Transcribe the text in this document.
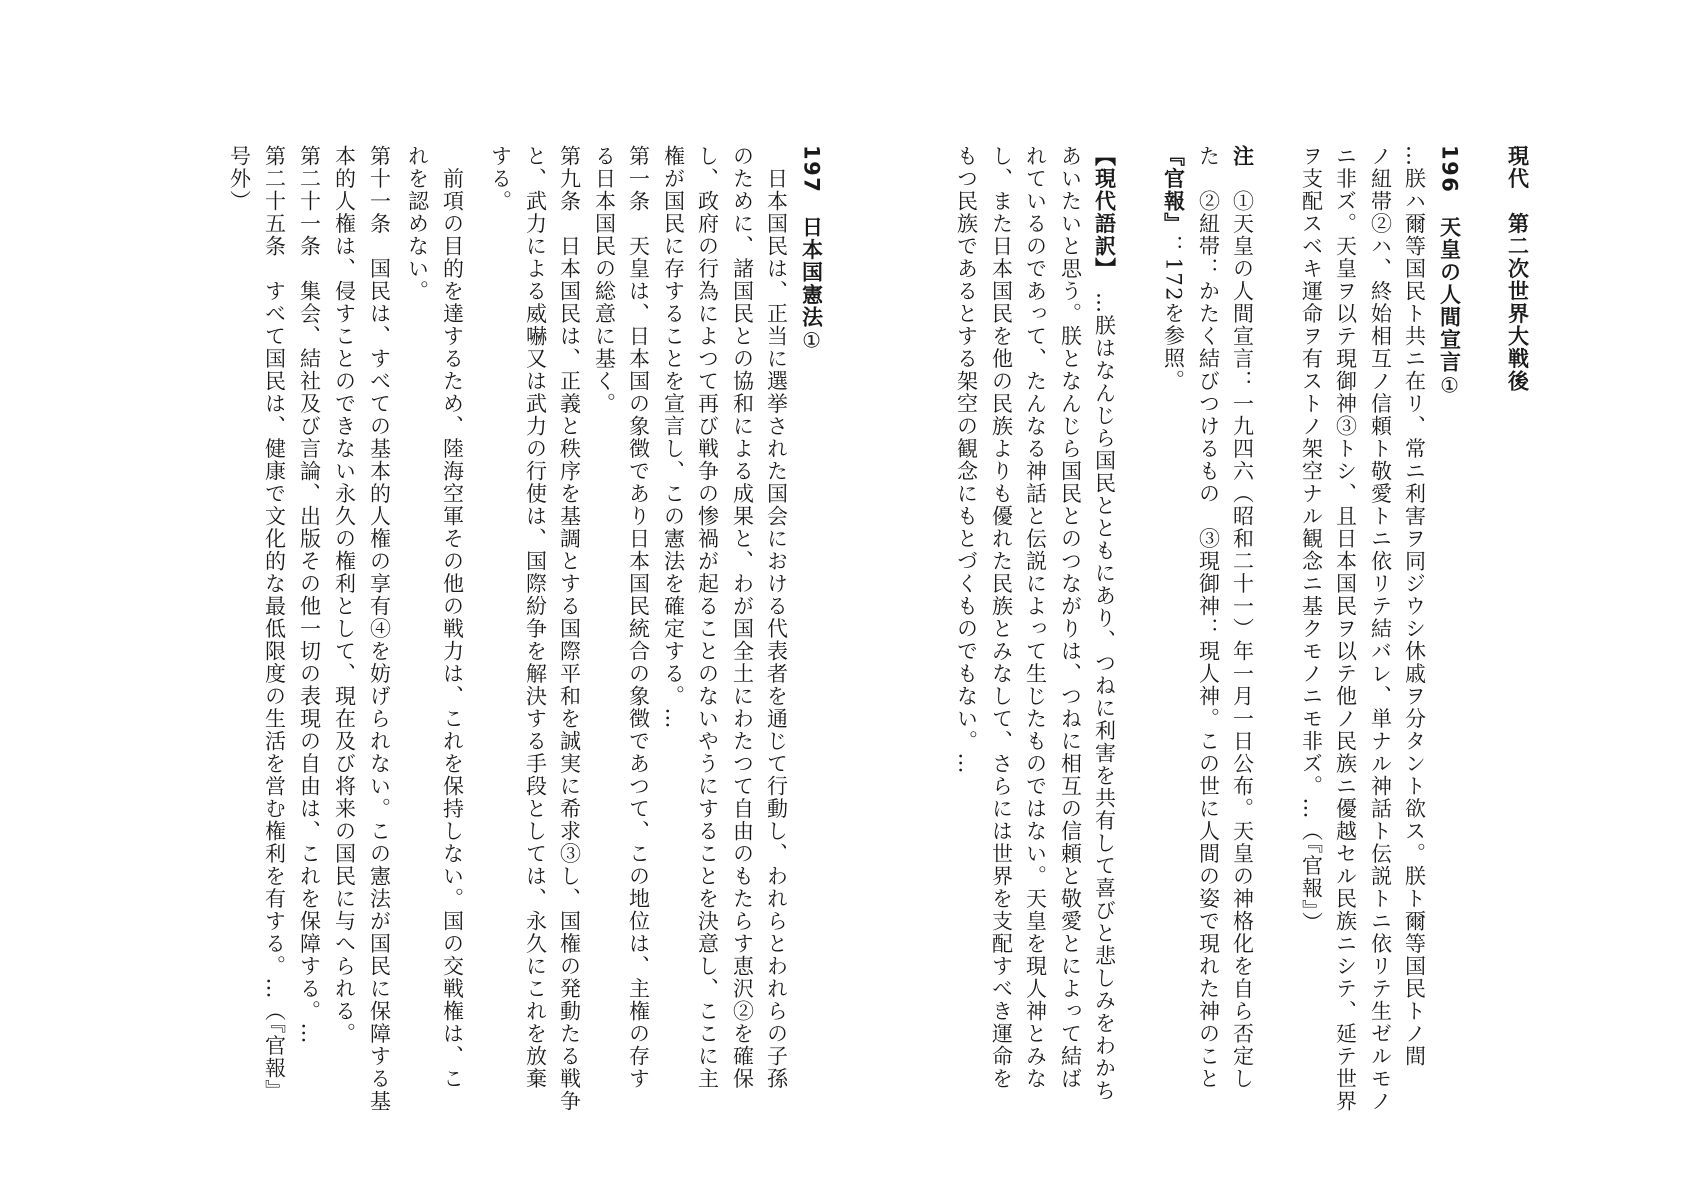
現代　第二次世界大戦後
196　天皇の人間宣言①
…朕ハ爾等国民ト共ニ在リ、常ニ利害ヲ同ジウシ休戚ヲ分タント欲ス。朕ト爾等国民トノ間
ノ紐帯②ハ、終始相互ノ信頼ト敬愛トニ依リテ結バレ、単ナル神話ト伝説トニ依リテ生ゼルモノ
ニ非ズ。天皇ヲ以テ現御神③トシ、且日本国民ヲ以テ他ノ民族ニ優越セル民族ニシテ、延テ世界
ヲ支配スベキ運命ヲ有ストノ架空ナル観念ニ基クモノニモ非ズ。…（『官報』）
注　①天皇の人間宣言：一九四六（昭和二十一）年一月一日公布。天皇の神格化を自ら否定し
た　②紐帯：かたく結びつけるもの　③現御神：現人神。この世に人間の姿で現れた神のこと
『官報』：172を参照。
【現代語訳】　…朕はなんじら国民とともにあり、つねに利害を共有して喜びと悲しみをわかち
あいたいと思う。朕となんじら国民とのつながりは、つねに相互の信頼と敬愛とによって結ば
れているのであって、たんなる神話と伝説によって生じたものではない。天皇を現人神とみな
し、また日本国民を他の民族よりも優れた民族とみなして、さらには世界を支配すべき運命を
もつ民族であるとする架空の観念にもとづくものでもない。…
197　日本国憲法①
　日本国民は、正当に選挙された国会における代表者を通じて行動し、われらとわれらの子孫
のために、諸国民との協和による成果と、わが国全土にわたつて自由のもたらす恵沢②を確保
し、政府の行為によつて再び戦争の惨禍が起ることのないやうにすることを決意し、ここに主
権が国民に存することを宣言し、この憲法を確定する。…
第一条　天皇は、日本国の象徴であり日本国民統合の象徴であつて、この地位は、主権の存す
る日本国民の総意に基く。
第九条　日本国民は、正義と秩序を基調とする国際平和を誠実に希求③し、国権の発動たる戦争
と、武力による威嚇又は武力の行使は、国際紛争を解決する手段としては、永久にこれを放棄
する。
　前項の目的を達するため、陸海空軍その他の戦力は、これを保持しない。国の交戦権は、こ
れを認めない。
第十一条　国民は、すべての基本的人権の享有④を妨げられない。この憲法が国民に保障する基
本的人権は、侵すことのできない永久の権利として、現在及び将来の国民に与へられる。
第二十一条　集会、結社及び言論、出版その他一切の表現の自由は、これを保障する。…
第二十五条　すべて国民は、健康で文化的な最低限度の生活を営む権利を有する。…（『官報』
号外）
